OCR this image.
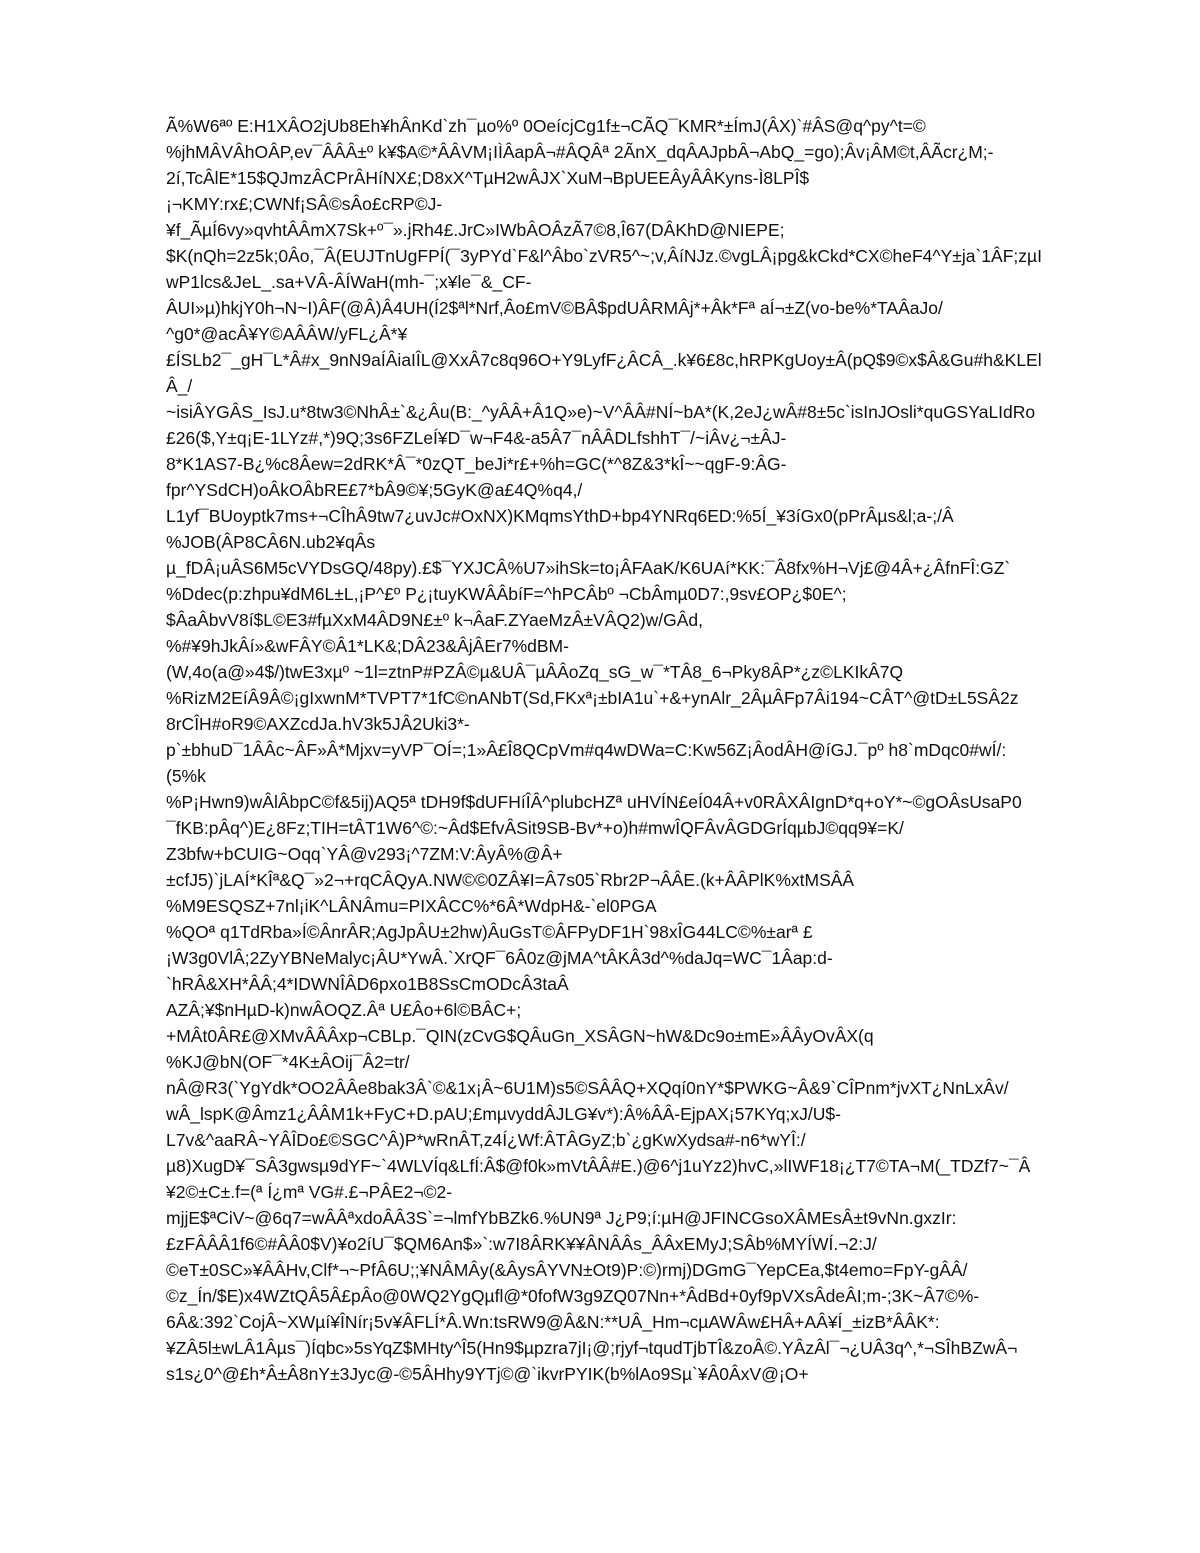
Ã%W6ªº E:H1XÂO2jUb8Eh¥hÂnKd`zh¯µo%º 0OeícjCg1f±¬CÃQ¯KMR*±ÍmJ(ÂX)`#ÂS@q^py^t=©
%jhMÂVÂhOÂP,ev¯ÂÂÂ±º k¥$A©*ÂÂVM¡IÌÂapÂ¬#ÂQÂª 2ÃnX_dqÂAJpbÂ¬AbQ_=go);Âv¡ÂM©t,ÂÃcr¿M;-
2í,TcÂlE*15$QJmzÂCPrÂHíNX£;D8xX^TµH2wÂJX`XuM¬BpUEEÂyÂÂKyns-Ì8LPÎ$
¡¬KMY:rx£;CWNf¡SÂ©sÂo£cRP©J-
¥f_ÃµÍ6vy»qvhtÂÂmX7Sk+º¯».jRh4£.JrC»IWbÂOÂzÃ7©8,Î67(DÂKhD@NIEPE;
$K(nQh=2z5k;0Âo,¯Â(EUJTnUgFPÍ(¯3yPYd`F&l^Âbo`zVR5^~;v,ÂíNJz.©vgLÂ¡pg&kCkd*CX©heF4^Y±ja`1ÂF;zµI
wP1lcs&JeL_.sa+VÂ-ÂÍWaH(mh-¯;x¥le¯&_CF-
ÂUI»µ)hkjY0h¬N~I)ÂF(@Â)Â4UH(Í2$ªl*Nrf,Âo£mV©BÂ$pdUÂRMÂj*+Âk*Fª aÍ¬±Z(vo-be%*TAÂaJo/
^g0*@acÂ¥Y©AÂÂW/yFL¿Â*¥
£ÍSLb2¯_gH¯L*Â#x_9nN9aÍÂiaIÎL@XxÂ7c8q96O+Y9LyfF¿ÂCÂ_.k¥6£8c,hRPKgUoy±Â(pQ$9©x$Â&Gu#h&KLEl
Â_/
~isiÂYGÂS_IsJ.u*8tw3©NhÂ±`&¿Âu(B:_^yÂÂ+Â1Q»e)~V^ÂÂ#NÍ~bA*(K,2eJ¿wÂ#8±5c`isInJOsli*quGSYaLIdRo
£26($,Y±q¡E-1LYz#,*)9Q;3s6FZLeÍ¥D¯w¬F4&-a5Â7¯nÂÂDLfshhT¯/~iÂv¿¬±ÂJ-
8*K1AS7-B¿%c8Âew=2dRK*Â¯*0zQT_beJi*r£+%h=GC(*^8Z&3*kÎ~~qgF-9:ÂG-
fpr^YSdCH)oÂkOÂbRE£7*bÂ9©¥;5GyK@a£4Q%q4,/
L1yf¯BUoyptk7ms+¬CÎhÂ9tw7¿uvJc#OxNX)KMqmsYthD+bp4YNRq6ED:%5Í_¥3íGx0(pPrÂµs&l;a-;/Â
%JOB(ÂP8CÂ6N.ub2¥qÂs
µ_fDÂ¡uÂS6M5cVYDsGQ/48py).£$¯YXJCÂ%U7»ihSk=to¡ÂFAaK/K6UAí*KK:¯Â8fx%H¬Vj£@4Â+¿ÂfnFÎ:GZ`
%Ddec(p:zhpu¥dM6L±L,¡P^£º P¿¡tuyKWÂÂbíF=^hPCÂbº ¬CbÂmµ0D7:,9sv£OP¿$0E^;
$ÂaÂbvV8í$L©E3#fµXxM4ÂD9N£±º k¬ÂaF.ZYaeMzÂ±VÂQ2)w/GÂd,
%#¥9hJkÂí»&wFÂY©Â1*LK&;DÂ23&ÂjÂEr7%dBM-
(W,4o(a@»4$/)twE3xµº ~1l=ztnP#PZÂ©µ&UÂ¯µÂÂoZq_sG_w¯*TÂ8_6¬Pky8ÂP*¿z©LKIkÂ7Q
%RizM2EíÂ9Â©¡gIxwnM*TVPT7*1fC©nANbT(Sd,FKxª¡±bIA1u`+&+ynAlr_2ÂµÂFp7Âi194~CÂT^@tD±L5SÂ2z
8rCÎH#oR9©AXZcdJa.hV3k5JÂ2Uki3*-
p`±bhuD¯1ÂÂc~ÂF»Â*Mjxv=yVP¯OÍ=;1»Â£Î8QCpVm#q4wDWa=C:Kw56Z¡ÂodÂH@íGJ.¯pº h8`mDqc0#wÍ/:
(5%k
%P¡Hwn9)wÂlÂbpC©f&5ij)AQ5ª tDH9f$dUFHíÎÂ^plubcHZª uHVÍN£eÍ04Â+v0RÂXÂIgnD*q+oY*~©gOÂsUsaP0
¯fKB:pÂq^)E¿8Fz;TIH=tÂT1W6^©:~Âd$EfvÂSit9SB-Bv*+o)h#mwÎQFÂvÂGDGrÍqµbJ©qq9¥=K/
Z3bfw+bCUIG~Oqq`YÂ@v293¡^7ZM:V:ÂyÂ%@Â+
±cfJ5)`jLAÍ*KÎª&Q¯»2¬+rqCÂQyA.NW©©0ZÂ¥I=Â7s05`Rbr2P¬ÂÂE.(k+ÂÂPlK%xtMSÂÂ
%M9ESQSZ+7nl¡iK^LÂNÂmu=PIXÂCC%*6Â*WdpH&-`el0PGA
%QOª q1TdRba»Í©ÂnrÂR;AgJpÂU±2hw)ÂuGsT©ÂFPyDF1H`98xÎG44LC©%±arª £
¡W3g0VlÂ;2ZyYBNeMalyc¡ÂU*YwÂ.`XrQF¯6Â0z@jMA^tÂKÂ3d^%daJq=WC¯1Âap:d-
`hRÂ&XH*ÂÂ;4*IDWNÎÂD6pxo1B8SsCmODcÂ3taÂ
AZÂ;¥$nHµD-k)nwÂOQZ.Âª U£Âo+6l©BÂC+;
+MÂt0ÂR£@XMvÂÂÂxp¬CBLp.¯QIN(zCvG$QÂuGn_XSÂGN~hW&Dc9o±mE»ÂÂyOvÂX(q
%KJ@bN(OF¯*4K±ÂOij¯Â2=tr/
nÂ@R3(`YgYdk*OO2ÂÂe8bak3Â`©&1x¡Â~6U1M)s5©SÂÂQ+XQqí0nY*$PWKG~Â&9`CÎPnm*jvXT¿NnLxÂv/
wÂ_lspK@Âmz1¿ÂÂM1k+FyC+D.pAU;£mµvyddÂJLG¥v*):Â%ÂÂ-EjpAX¡57KYq;xJ/U$-
L7v&^aaRÂ~YÂÎDo£©SGC^Â)P*wRnÂT,z4Í¿Wf:ÂTÂGyZ;b`¿gKwXydsa#-n6*wYÎ:/
µ8)XugD¥¯SÂ3gwsµ9dYF~`4WLVÍq&LfÍ:Â$@f0k»mVtÂÂ#E.)@6^j1uYz2)hvC,»lIWF18¡¿T7©TA¬M(_TDZf7~¯Â
¥2©±C±.f=(ª Í¿mª VG#.£¬PÂE2¬©2-
mjjE$ªCiV~@6q7=wÂÂªxdoÂÂ3S`=¬lmfYbBZk6.%UN9ª J¿P9;í:µH@JFINCGsoXÂMEsÂ±t9vNn.gxzIr:
£zFÂÂÂ1f6©#ÂÂ0$V)¥o2íU¯$QM6An$»`:w7I8ÂRK¥¥ÂNÂÂs_ÂÂxEMyJ;SÂb%MYÍWÍ.¬2:J/
©eT±0SC»¥ÂÂHv,Clf*¬~PfÂ6U;;¥NÂMÂy(&ÂysÂYVN±Ot9)P:©)rmj)DGmG¯YepCEa,$t4emo=FpY-gÂÂ/
©z_Ín/$E)x4WZtQÂ5Â£pÂo@0WQ2YgQµfl@*0fofW3g9ZQ07Nn+*ÂdBd+0yf9pVXsÂdeÂI;m-;3K~Â7©%-
6Â&:392`CojÂ~XWµí¥ÎNír¡5v¥ÂFLÍ*Â.Wn:tsRW9@Â&N:**UÂ_Hm¬cµAWÂw£HÂ+AÂ¥Í_±izB*ÂÂK*:
¥ZÂ5l±wLÂ1Âµs¯)Íqbc»5sYqZ$MHty^Î5(Hn9$µpzra7jI¡@;rjyf¬tqudTjbTÎ&zoÂ©.YÂzÂl¯¬¿UÂ3q^,*¬SÎhBZwÂ¬
s1s¿0^@£h*Â±Â8nY±3Jyc@-©5ÂHhy9YTj©@`ikvrPYIK(b%lAo9Sµ`¥Â0ÂxV@¡O+
